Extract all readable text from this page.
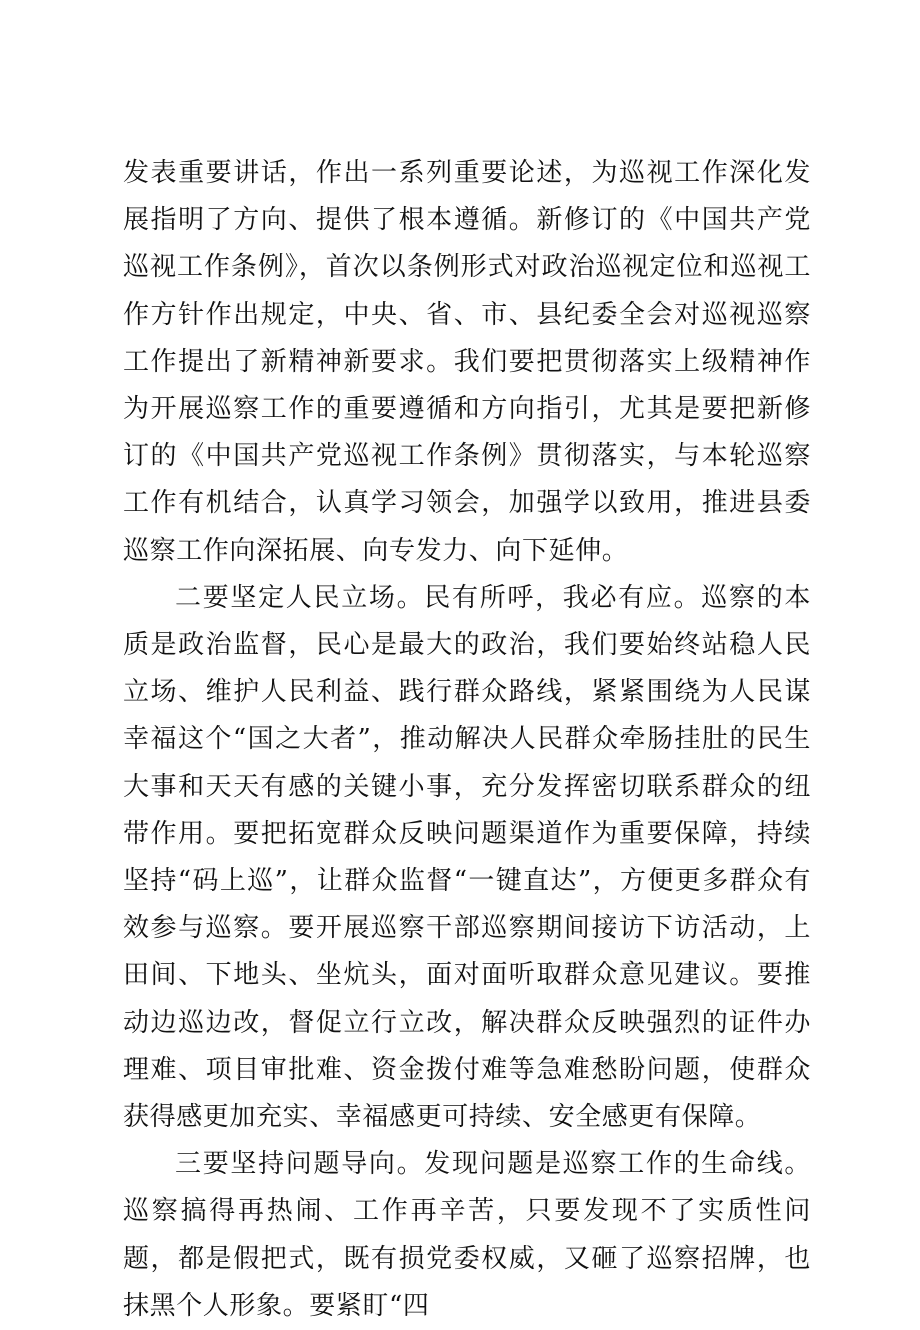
发表重要讲话，作出一系列重要论述，为巡视工作深化发展指明了方向、提供了根本遵循。新修订的《中国共产党巡视工作条例》，首次以条例形式对政治巡视定位和巡视工作方针作出规定，中央、省、市、县纪委全会对巡视巡察工作提出了新精神新要求。我们要把贯彻落实上级精神作为开展巡察工作的重要遵循和方向指引，尤其是要把新修订的《中国共产党巡视工作条例》贯彻落实，与本轮巡察工作有机结合，认真学习领会，加强学以致用，推进县委巡察工作向深拓展、向专发力、向下延伸。

二要坚定人民立场。民有所呼，我必有应。巡察的本质是政治监督，民心是最大的政治，我们要始终站稳人民立场、维护人民利益、践行群众路线，紧紧围绕为人民谋幸福这个“国之大者”，推动解决人民群众牵肠挂肚的民生大事和天天有感的关键小事，充分发挥密切联系群众的纽带作用。要把拓宽群众反映问题渠道作为重要保障，持续坚持“码上巡”，让群众监督“一键直达”，方便更多群众有效参与巡察。要开展巡察干部巡察期间接访下访活动，上田间、下地头、坐炕头，面对面听取群众意见建议。要推动边巡边改，督促立行立改，解决群众反映强烈的证件办理难、项目审批难、资金拨付难等急难愁盼问题，使群众获得感更加充实、幸福感更可持续、安全感更有保障。

三要坚持问题导向。发现问题是巡察工作的生命线。巡察搞得再热闹、工作再辛苦，只要发现不了实质性问题，都是假把式，既有损党委权威，又砸了巡察招牌，也抹黑个人形象。要紧盯“四
